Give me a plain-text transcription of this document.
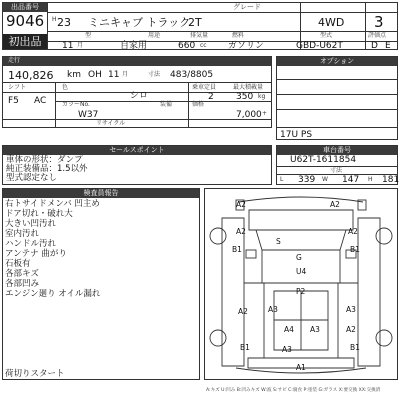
出品番号	グレード
9046
初出品
H 23 ミニキャブ トラック
2T	4WD 3
型	用途	排気量	燃料	型式	評価点
11 月	自家用	660 cc ガソリン	GBD-U62T	D E
走行
140,826 km OH 11 月	寸法 483/8805
シフト
F5 AC
色
シロ
カラーNo.
W37
装備
乗車定員	最大積載量
2 350 kg
価格
7,000 +
リサイクル
オプション
17U PS
セールスポイント
車体の形状：ダンプ
純正装備品：1.5以外
型式認定なし
車台番号
U62T-1611854
寸法
L 339 W 147 H 181
検査員報告
右トサイドメンバ 凹主め
ドア切れ・破れ大
大きい凹汚れ
室内汚れ
ハンドル汚れ
アンテナ 曲がり
石板有
各部キズ
各部凹み
エンジン廻り オイル漏れ
荷切りスタート
A2	A2
A2	A2
B1	B1
S
G
U4
P2
A3
A4 A3
A2	A3
B1	B1
A2
A3
A1
A:キズ U:凹み B:凹みキズ W:波 S:サビ C:腐食 P:塗装 G:ガラス X:要交換 XX:交換済
